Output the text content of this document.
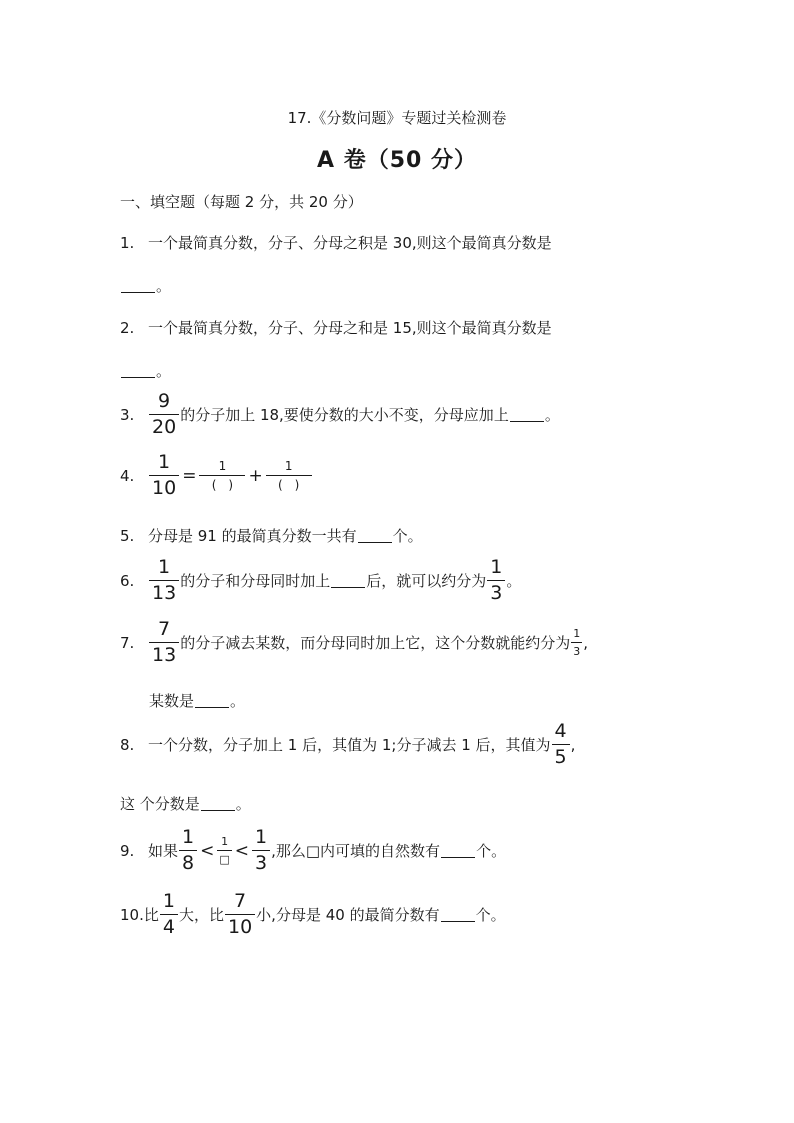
17.《分数问题》专题过关检测卷
A 卷（50 分）
一、填空题（每题 2 分，共 20 分）
1. 一个最简真分数，分子、分母之积是 30,则这个最简真分数是
。
2. 一个最简真分数，分子、分母之和是 15,则这个最简真分数是
。
3. $\frac{9}{20}$ 的分子加上 18,要使分数的大小不变，分母应加上 。
4. $\frac{1}{10} = \frac{1}{( )} + \frac{1}{( )}$
5. 分母是 91 的最简真分数一共有 个。
6. $\frac{1}{13}$ 的分子和分母同时加上 后，就可以约分为 $\frac{1}{3}$ 。
7. $\frac{7}{13}$ 的分子减去某数，而分母同时加上它，这个分数就能约分为 $\frac{1}{3}$ ,
某数是 。
8. 一个分数，分子加上 1 后，其值为 1;分子减去 1 后，其值为 $\frac{4}{5}$ ,
这 个分数是 。
9. 如果 $\frac{1}{8} < \frac{1}{□} < \frac{1}{3}$ ,那么□内可填的自然数有 个。
10. 比 $\frac{1}{4}$ 大，比 $\frac{7}{10}$ 小,分母是 40 的最简分数有 个。
